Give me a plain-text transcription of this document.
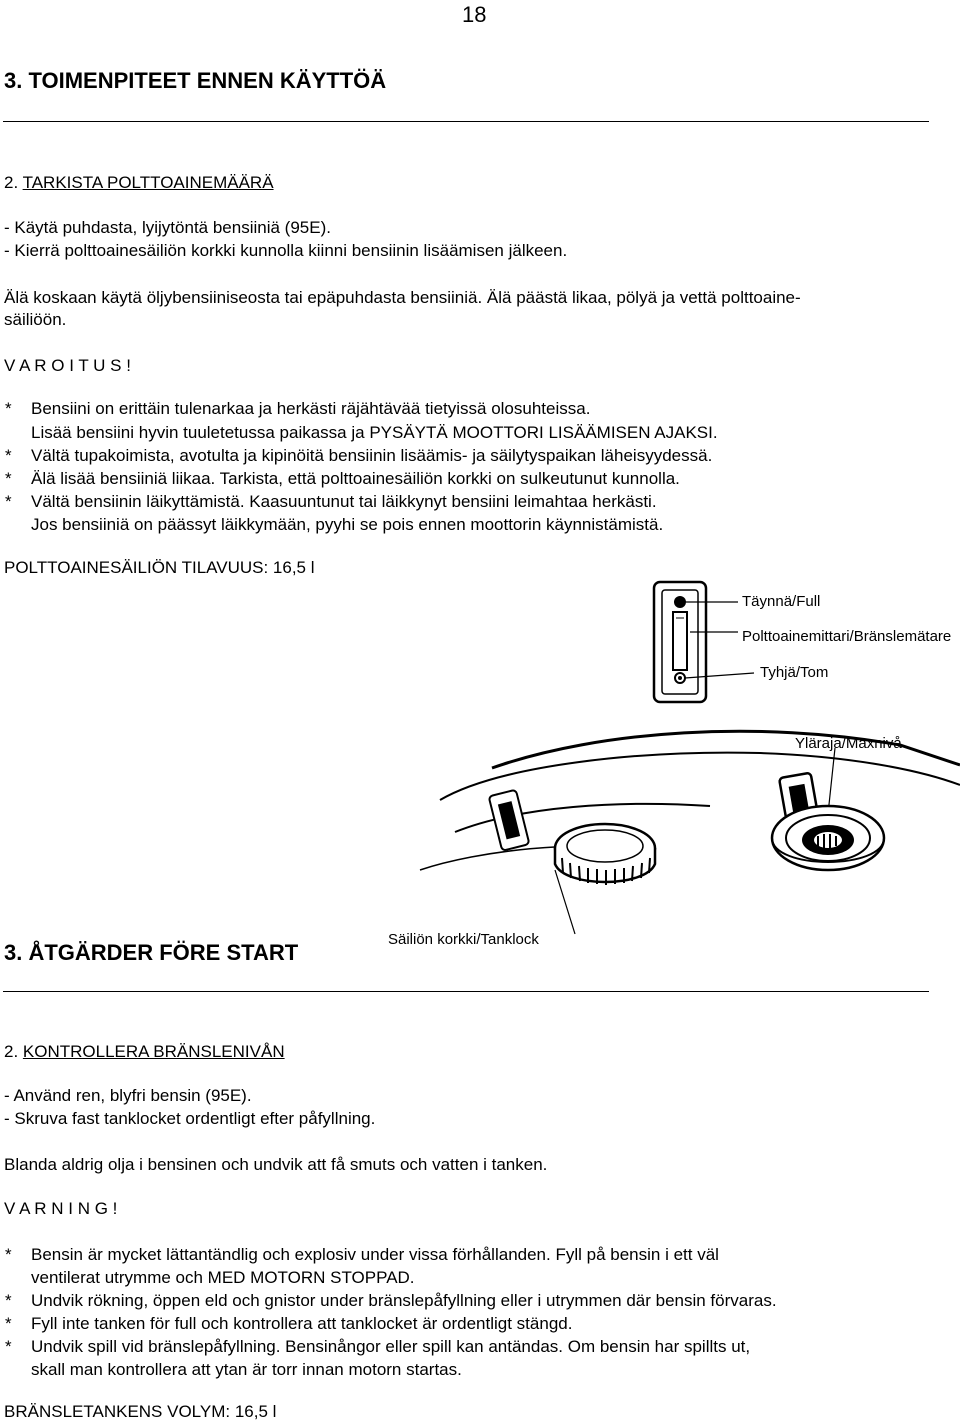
18
3. TOIMENPITEET ENNEN KÄYTTÖÄ
2. TARKISTA POLTTOAINEMÄÄRÄ
- Käytä puhdasta, lyijytöntä bensiiniä (95E).
- Kierrä polttoainesäiliön korkki kunnolla kiinni bensiinin lisäämisen jälkeen.
Älä koskaan käytä öljybensiiniseosta tai epäpuhdasta bensiiniä. Älä päästä likaa, pölyä ja vettä polttoaine-
säiliöön.
V A R O I T U S !
* Bensiini on erittäin tulenarkaa ja herkästi räjähtävää tietyissä olosuhteissa.
Lisää bensiini hyvin tuuletetussa paikassa ja PYSÄYTÄ MOOTTORI LISÄÄMISEN AJAKSI.
* Vältä tupakoimista, avotulta ja kipinöitä bensiinin lisäämis- ja säilytyspaikan läheisyydessä.
* Älä lisää bensiiniä liikaa. Tarkista, että polttoainesäiliön korkki on sulkeutunut kunnolla.
* Vältä bensiinin läikyttämistä. Kaasuuntunut tai läikkynyt bensiini leimahtaa herkästi.
Jos bensiiniä on päässyt läikkymään, pyyhi se pois ennen moottorin käynnistämistä.
POLTTOAINESÄILIÖN TILAVUUS: 16,5 l
Täynnä/Full
Polttoainemittari/Bränslemätare
Tyhjä/Tom
Yläraja/Maxnivå
Säiliön korkki/Tanklock
3. ÅTGÄRDER FÖRE START
2. KONTROLLERA BRÄNSLENIVÅN
- Använd ren, blyfri bensin (95E).
- Skruva fast tanklocket ordentligt efter påfyllning.
Blanda aldrig olja i bensinen och undvik att få smuts och vatten i tanken.
V A R N I N G !
* Bensin är mycket lättantändlig och explosiv under vissa förhållanden. Fyll på bensin i ett väl
ventilerat utrymme och MED MOTORN STOPPAD.
* Undvik rökning, öppen eld och gnistor under bränslepåfyllning eller i utrymmen där bensin förvaras.
* Fyll inte tanken för full och kontrollera att tanklocket är ordentligt stängd.
* Undvik spill vid bränslepåfyllning. Bensinångor eller spill kan antändas. Om bensin har spillts ut,
skall man kontrollera att ytan är torr innan motorn startas.
BRÄNSLETANKENS VOLYM: 16,5 l
